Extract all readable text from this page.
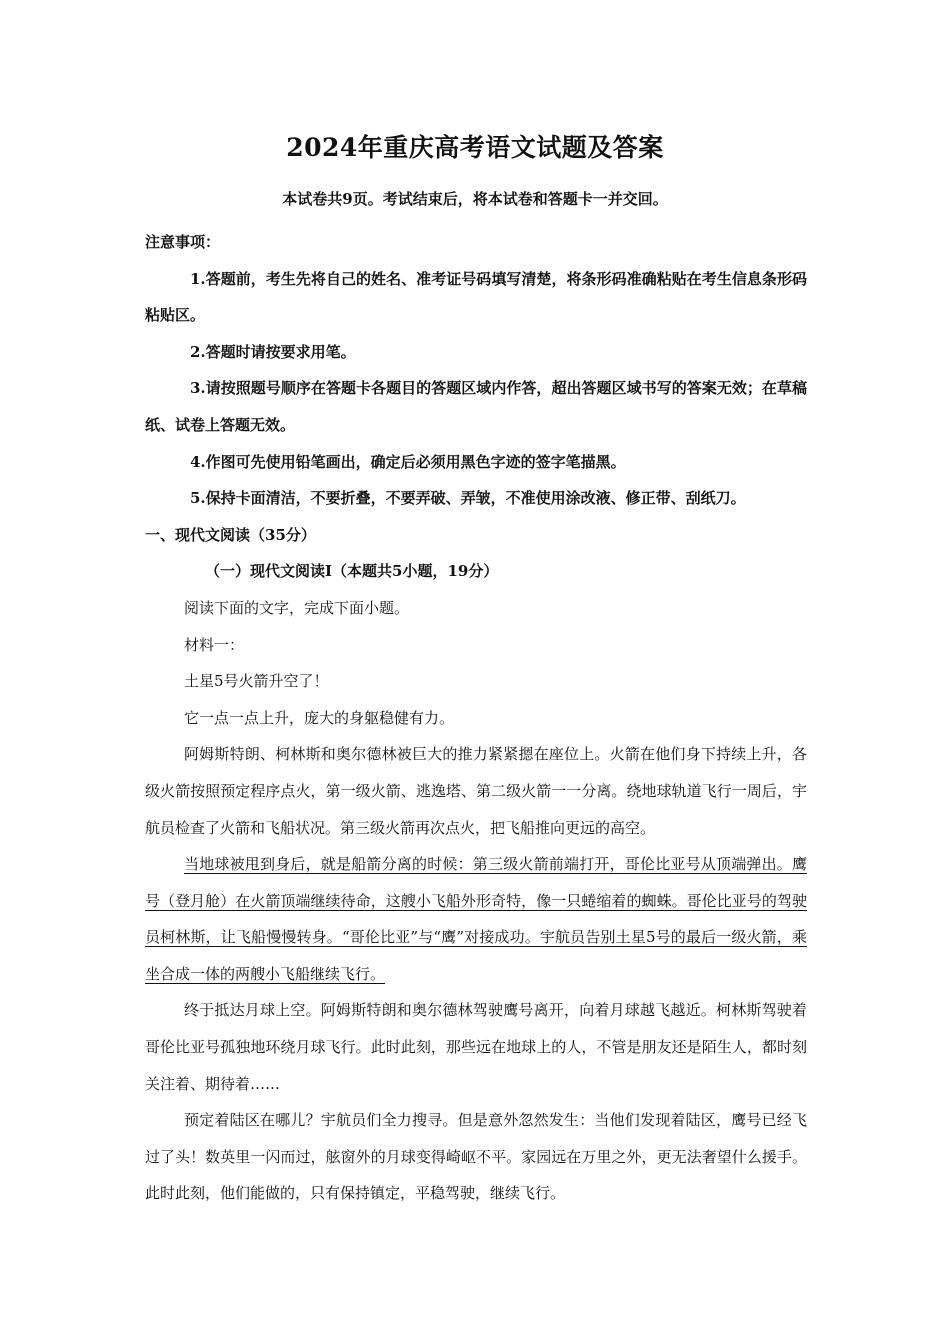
2024年重庆高考语文试题及答案
本试卷共9页。考试结束后，将本试卷和答题卡一并交回。

注意事项：

1.答题前，考生先将自己的姓名、准考证号码填写清楚，将条形码准确粘贴在考生信息条形码粘贴区。

2.答题时请按要求用笔。

3.请按照题号顺序在答题卡各题目的答题区域内作答，超出答题区域书写的答案无效；在草稿纸、试卷上答题无效。

4.作图可先使用铅笔画出，确定后必须用黑色字迹的签字笔描黑。

5.保持卡面清洁，不要折叠，不要弄破、弄皱，不准使用涂改液、修正带、刮纸刀。

一、现代文阅读（35分）

（一）现代文阅读Ⅰ（本题共5小题，19分）

阅读下面的文字，完成下面小题。

材料一：

土星5号火箭升空了！

它一点一点上升，庞大的身躯稳健有力。

阿姆斯特朗、柯林斯和奥尔德林被巨大的推力紧紧摁在座位上。火箭在他们身下持续上升，各级火箭按照预定程序点火，第一级火箭、逃逸塔、第二级火箭一一分离。绕地球轨道飞行一周后，宇航员检查了火箭和飞船状况。第三级火箭再次点火，把飞船推向更远的高空。

当地球被甩到身后，就是船箭分离的时候：第三级火箭前端打开，哥伦比亚号从顶端弹出。鹰号（登月舱）在火箭顶端继续待命，这艘小飞船外形奇特，像一只蜷缩着的蜘蛛。哥伦比亚号的驾驶员柯林斯，让飞船慢慢转身。“哥伦比亚”与“鹰”对接成功。宇航员告别土星5号的最后一级火箭，乘坐合成一体的两艘小飞船继续飞行。

终于抵达月球上空。阿姆斯特朗和奥尔德林驾驶鹰号离开，向着月球越飞越近。柯林斯驾驶着哥伦比亚号孤独地环绕月球飞行。此时此刻，那些远在地球上的人，不管是朋友还是陌生人，都时刻关注着、期待着……

预定着陆区在哪儿？宇航员们全力搜寻。但是意外忽然发生：当他们发现着陆区，鹰号已经飞过了头！数英里一闪而过，舷窗外的月球变得崎岖不平。家园远在万里之外，更无法奢望什么援手。此时此刻，他们能做的，只有保持镇定，平稳驾驶，继续飞行。
